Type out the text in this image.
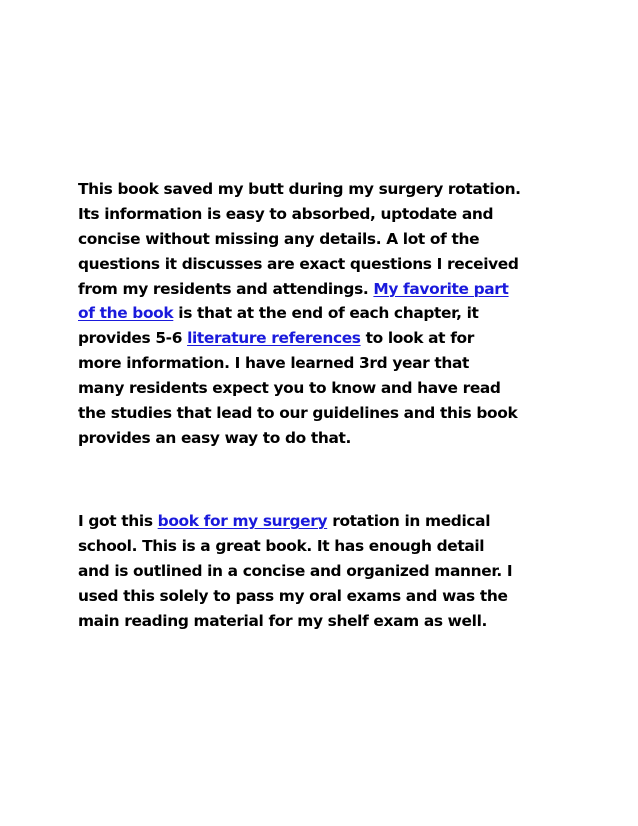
This book saved my butt during my surgery rotation.
Its information is easy to absorbed, uptodate and
concise without missing any details. A lot of the
questions it discusses are exact questions I received
from my residents and attendings. My favorite part
of the book is that at the end of each chapter, it
provides 5-6 literature references to look at for
more information. I have learned 3rd year that
many residents expect you to know and have read
the studies that lead to our guidelines and this book
provides an easy way to do that.

I got this book for my surgery rotation in medical
school. This is a great book. It has enough detail
and is outlined in a concise and organized manner. I
used this solely to pass my oral exams and was the
main reading material for my shelf exam as well.
